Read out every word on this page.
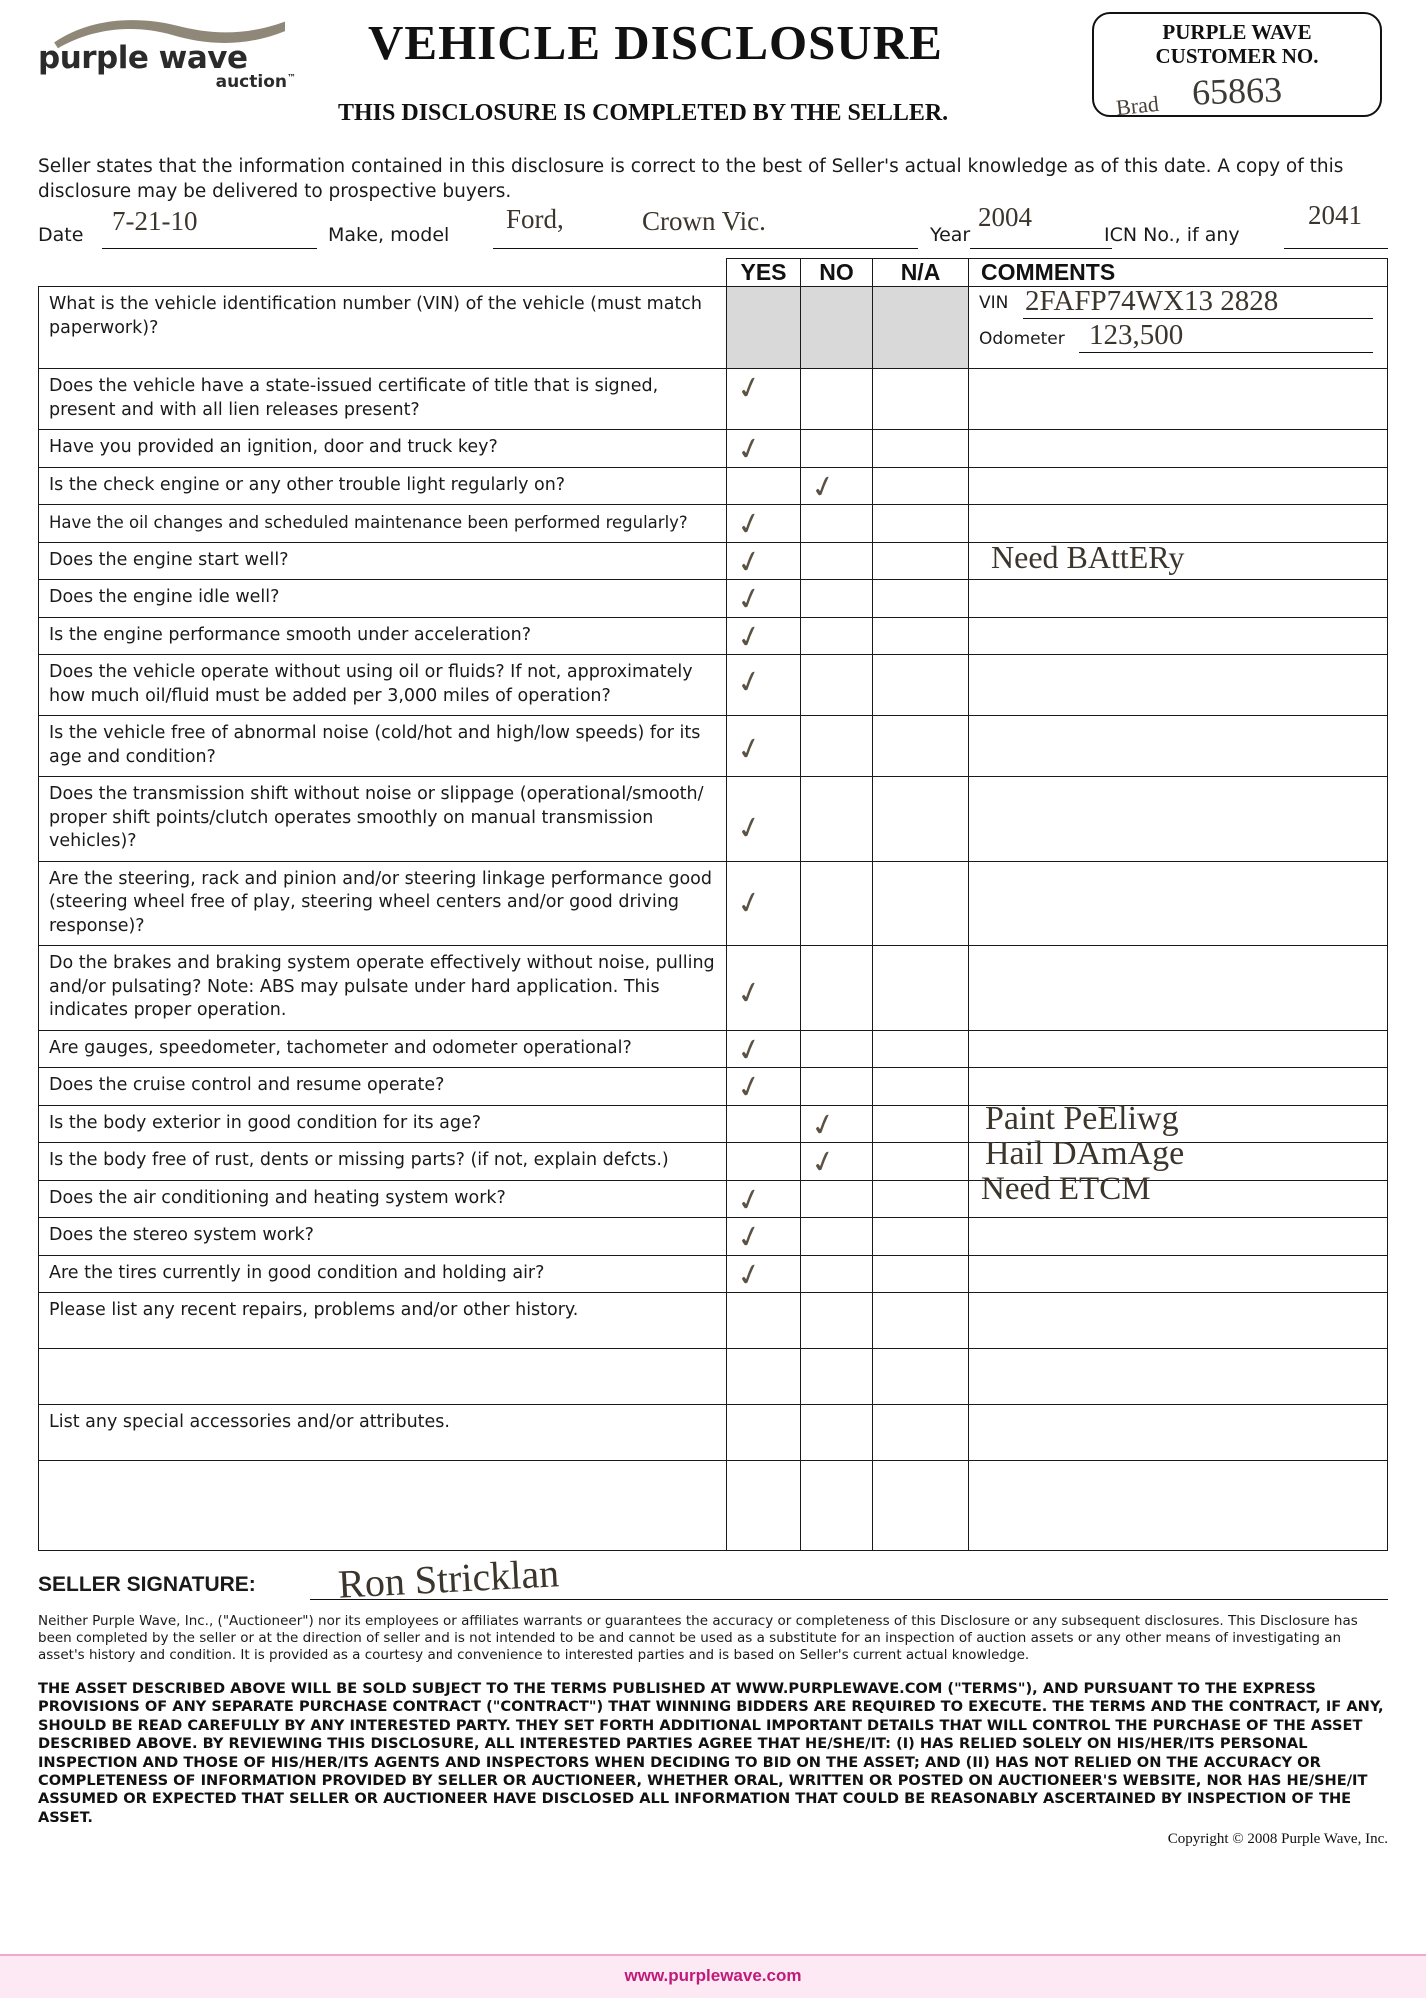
purple wave
auction™
VEHICLE DISCLOSURE
THIS DISCLOSURE IS COMPLETED BY THE SELLER.
PURPLE WAVE
CUSTOMER NO.
65863
Brad
Seller states that the information contained in this disclosure is correct to the best of Seller's actual knowledge as of this date. A copy of this disclosure may be delivered to prospective buyers.
Date 7-21-10	Make, model
Ford,	Crown Vic.	Year
2004
ICN No., if any
2041
	YES	NO	N/A	COMMENTS

What is the vehicle identification number (VIN) of the vehicle (must match paperwork)?				VIN 2FAFP74WX13 2828
Odometer 123,500

Does the vehicle have a state-issued certificate of title that is signed, present and with all lien releases present?	✓			

Have you provided an ignition, door and truck key?	✓			

Is the check engine or any other trouble light regularly on?		✓		

Have the oil changes and scheduled maintenance been performed regularly?	✓			

Does the engine start well?	✓			Need BAttERy

Does the engine idle well?	✓			

Is the engine performance smooth under acceleration?	✓			

Does the vehicle operate without using oil or fluids? If not, approximately how much oil/fluid must be added per 3,000 miles of operation?	✓			

Is the vehicle free of abnormal noise (cold/hot and high/low speeds) for its age and condition?	✓			

Does the transmission shift without noise or slippage (operational/smooth/ proper shift points/clutch operates smoothly on manual transmission vehicles)?	✓			

Are the steering, rack and pinion and/or steering linkage performance good (steering wheel free of play, steering wheel centers and/or good driving response)?	✓			

Do the brakes and braking system operate effectively without noise, pulling and/or pulsating? Note: ABS may pulsate under hard application. This indicates proper operation.	✓			

Are gauges, speedometer, tachometer and odometer operational?	✓			

Does the cruise control and resume operate?	✓			

Is the body exterior in good condition for its age?		✓		Paint PeEliwg

Is the body free of rust, dents or missing parts? (if not, explain defcts.)		✓		Hail DAmAge

Does the air conditioning and heating system work?	✓			Need ETCM

Does the stereo system work?	✓			

Are the tires currently in good condition and holding air?	✓			

Please list any recent repairs, problems and/or other history.				

List any special accessories and/or attributes.				

SELLER SIGNATURE: Ron Stricklan
Neither Purple Wave, Inc., ("Auctioneer") nor its employees or affiliates warrants or guarantees the accuracy or completeness of this Disclosure or any subsequent disclosures. This Disclosure has been completed by the seller or at the direction of seller and is not intended to be and cannot be used as a substitute for an inspection of auction assets or any other means of investigating an asset's history and condition. It is provided as a courtesy and convenience to interested parties and is based on Seller's current actual knowledge.
THE ASSET DESCRIBED ABOVE WILL BE SOLD SUBJECT TO THE TERMS PUBLISHED AT WWW.PURPLEWAVE.COM ("TERMS"), AND PURSUANT TO THE EXPRESS PROVISIONS OF ANY SEPARATE PURCHASE CONTRACT ("CONTRACT") THAT WINNING BIDDERS ARE REQUIRED TO EXECUTE. THE TERMS AND THE CONTRACT, IF ANY, SHOULD BE READ CAREFULLY BY ANY INTERESTED PARTY. THEY SET FORTH ADDITIONAL IMPORTANT DETAILS THAT WILL CONTROL THE PURCHASE OF THE ASSET DESCRIBED ABOVE. BY REVIEWING THIS DISCLOSURE, ALL INTERESTED PARTIES AGREE THAT HE/SHE/IT: (I) HAS RELIED SOLELY ON HIS/HER/ITS PERSONAL INSPECTION AND THOSE OF HIS/HER/ITS AGENTS AND INSPECTORS WHEN DECIDING TO BID ON THE ASSET; AND (II) HAS NOT RELIED ON THE ACCURACY OR COMPLETENESS OF INFORMATION PROVIDED BY SELLER OR AUCTIONEER, WHETHER ORAL, WRITTEN OR POSTED ON AUCTIONEER'S WEBSITE, NOR HAS HE/SHE/IT ASSUMED OR EXPECTED THAT SELLER OR AUCTIONEER HAVE DISCLOSED ALL INFORMATION THAT COULD BE REASONABLY ASCERTAINED BY INSPECTION OF THE ASSET.
Copyright © 2008 Purple Wave, Inc.
www.purplewave.com
